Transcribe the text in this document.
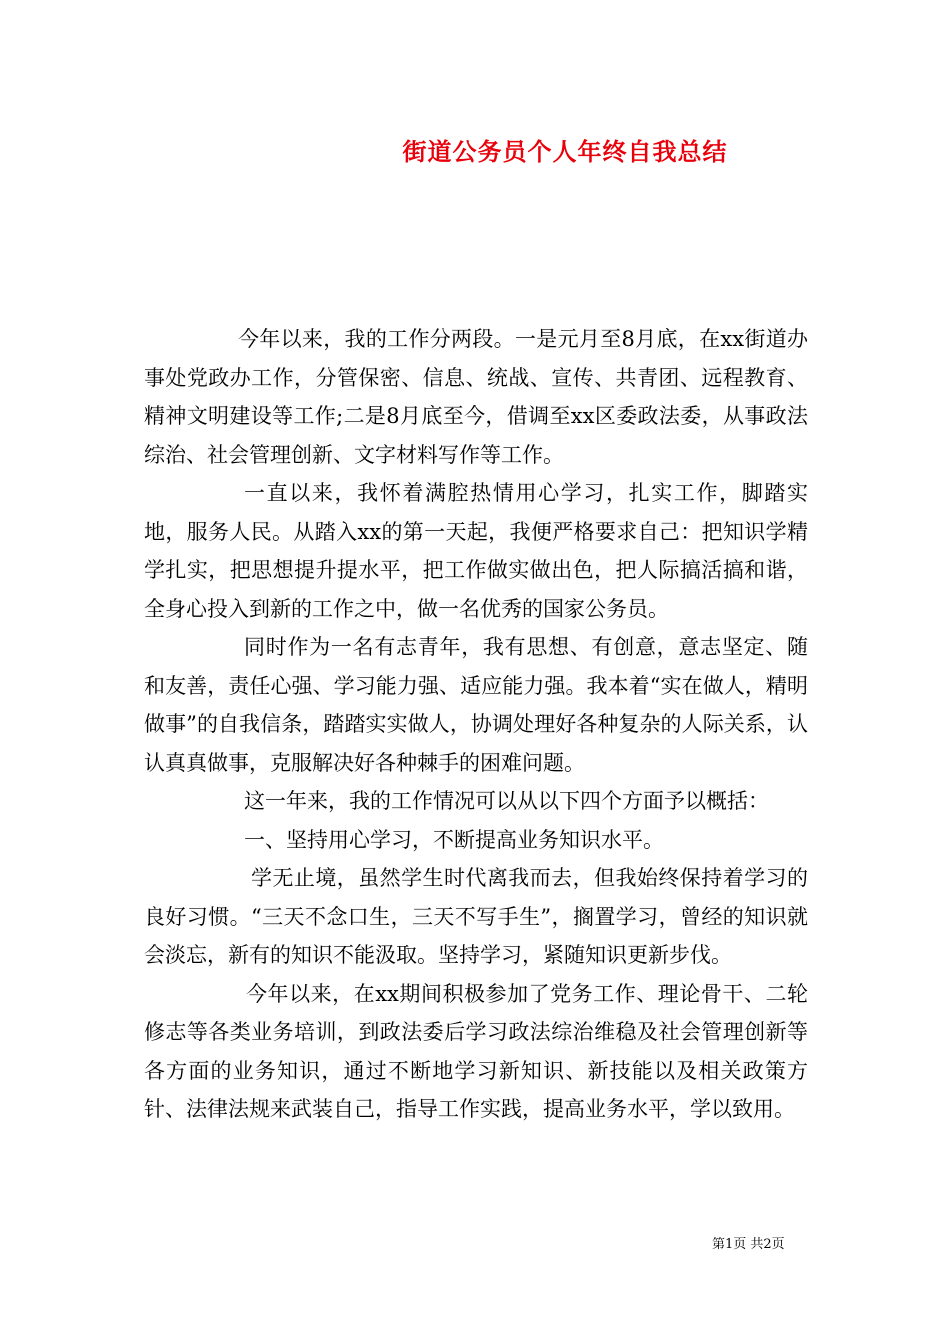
街道公务员个人年终自我总结

今年以来，我的工作分两段。一是元月至8月底，在xx街道办事处党政办工作，分管保密、信息、统战、宣传、共青团、远程教育、精神文明建设等工作;二是8月底至今，借调至xx区委政法委，从事政法综治、社会管理创新、文字材料写作等工作。

一直以来，我怀着满腔热情用心学习，扎实工作，脚踏实地，服务人民。从踏入xx的第一天起，我便严格要求自己：把知识学精学扎实，把思想提升提水平，把工作做实做出色，把人际搞活搞和谐，全身心投入到新的工作之中，做一名优秀的国家公务员。

同时作为一名有志青年，我有思想、有创意，意志坚定、随和友善，责任心强、学习能力强、适应能力强。我本着“实在做人，精明做事”的自我信条，踏踏实实做人，协调处理好各种复杂的人际关系，认认真真做事，克服解决好各种棘手的困难问题。

这一年来，我的工作情况可以从以下四个方面予以概括：

一、坚持用心学习，不断提高业务知识水平。

学无止境，虽然学生时代离我而去，但我始终保持着学习的良好习惯。“三天不念口生，三天不写手生”，搁置学习，曾经的知识就会淡忘，新有的知识不能汲取。坚持学习，紧随知识更新步伐。

今年以来，在xx期间积极参加了党务工作、理论骨干、二轮修志等各类业务培训，到政法委后学习政法综治维稳及社会管理创新等各方面的业务知识，通过不断地学习新知识、新技能以及相关政策方针、法律法规来武装自己，指导工作实践，提高业务水平，学以致用。

第1页 共2页
